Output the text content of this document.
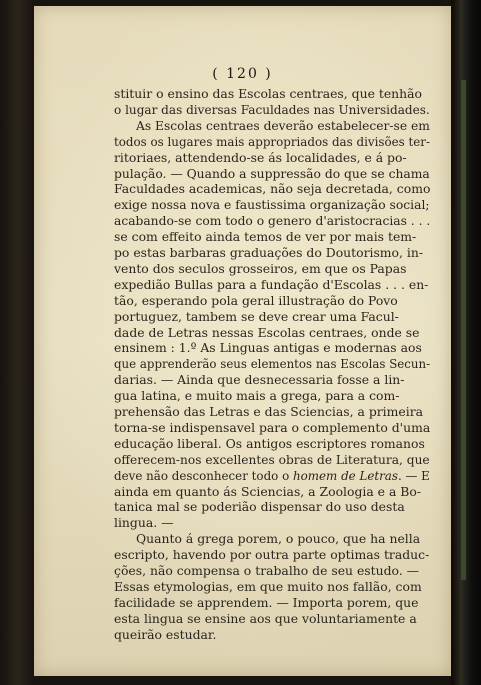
( 120 )
stituir o ensino das Escolas centraes, que tenhão
o lugar das diversas Faculdades nas Universidades.
As Escolas centraes deverão estabelecer-se em
todos os lugares mais appropriados das divisões ter-
ritoriaes, attendendo-se ás localidades, e á po-
pulação. — Quando a suppressão do que se chama
Faculdades academicas, não seja decretada, como
exige nossa nova e faustissima organização social;
acabando-se com todo o genero d'aristocracias . . .
se com effeito ainda temos de ver por mais tem-
po estas barbaras graduações do Doutorismo, in-
vento dos seculos grosseiros, em que os Papas
expedião Bullas para a fundação d'Escolas . . . en-
tão, esperando pola geral illustração do Povo
portuguez, tambem se deve crear uma Facul-
dade de Letras nessas Escolas centraes, onde se
ensinem : 1.º As Linguas antigas e modernas aos
que apprenderão seus elementos nas Escolas Secun-
darias. — Ainda que desnecessaria fosse a lin-
gua latina, e muito mais a grega, para a com-
prehensão das Letras e das Sciencias, a primeira
torna-se indispensavel para o complemento d'uma
educação liberal. Os antigos escriptores romanos
offerecem-nos excellentes obras de Literatura, que
deve não desconhecer todo o homem de Letras. — E
ainda em quanto ás Sciencias, a Zoologia e a Bo-
tanica mal se poderião dispensar do uso desta
lingua. —
Quanto á grega porem, o pouco, que ha nella
escripto, havendo por outra parte optimas traduc-
ções, não compensa o trabalho de seu estudo. —
Essas etymologias, em que muito nos fallão, com
facilidade se apprendem. — Importa porem, que
esta lingua se ensine aos que voluntariamente a
queirão estudar.
